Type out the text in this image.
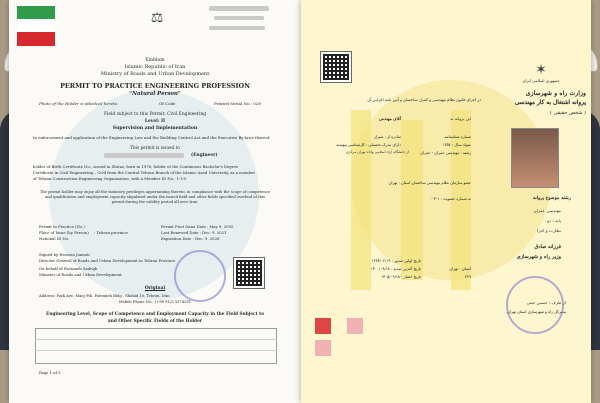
⚖
Emblem
Islamic Republic of Iran
Ministry of Roads and Urban Development
PERMIT TO PRACTICE ENGINEERING PROFESSION
"Natural Person"
Photo of the Holder is attached hereto.	Of Code	Printed Serial No.: 028
Field subject to this Permit: Civil Engineering
Level: II
Supervision and Implementation
In enforcement and application of the Engineering Law and the Building Control Act and the Executive By-laws thereof.
This permit is issued to
(Engineer)
holder of Birth Certificate No., issued in Shiraz, born in 1978, holder of the Continuous Bachelor's Degree
Certificate in Civil Engineering – Civil from the Central Tehran Branch of the Islamic Azad University, as a member
of Tehran Construction Engineering Organization, with a Member ID No.: 1-3-0
The permit holder may enjoy all the statutory privileges appertaining thereto, in compliance with the scope of competence and qualification and employment capacity stipulated under the issued field and other fields specified overleaf of this permit during the validity period all over Iran.
Permit to Practice (No.)
Place of Issue (by Person) : Tehran province
National ID No.
Permit First Issue Date : May 9, 2005
Last Renewed Date : Dec. 9, 2021
Expiration Date : Dec. 9, 2026
Signed by Hossein Jannati
Director General of Roads and Urban Development in Tehran Province
On behalf of Farzaneh Sadegh
Minister of Roads and Urban Development
Original
Address: Park Ave, Manj 9th, Fatemieh Bldg., Shahid 10, Tehran, Iran
Mobile Phone No.: (+98 912) 3374291
Engineering Level, Scope of Competence and Employment Capacity in the Field Subject to
and Other Specific Fields of the Holder
Page 1 of 3
✶
جمهوری اسلامی ایران
وزارت راه و شهرسازی
پروانه اشتغال به کار مهندسی
( شخص حقیقی )
در اجرای قانون نظام مهندسی و کنترل ساختمان و آیین نامه اجرایی آن
این پروانه به
آقای مهندس
شماره شناسنامه
صادره از : شیراز
متولد سال : ۱۳۵۷
دارای مدرک تحصیلی : کارشناسی پیوسته
رشته : مهندسی عمران - عمران
از دانشگاه آزاد اسلامی واحد تهران مرکزی
عضو سازمان نظام مهندسی ساختمان استان : تهران
به شماره عضویت : ۱-۳-۰	رشته موضوع پروانه
مهندسی عمران
پایه : دو
نظارت و اجرا
فرزانه صادق
وزیر راه و شهرسازی
تاریخ اولین صدور : ۱۳۸۴/۰۲/۱۹
تاریخ آخرین تمدید : ۱۴۰۰/۰۹/۱۸
تاریخ اعتبار : ۱۴۰۵/۰۹/۱۸
استان : تهران
۲۲۹
از طرف : حسین جنتی
مدیرکل راه و شهرسازی استان تهران
